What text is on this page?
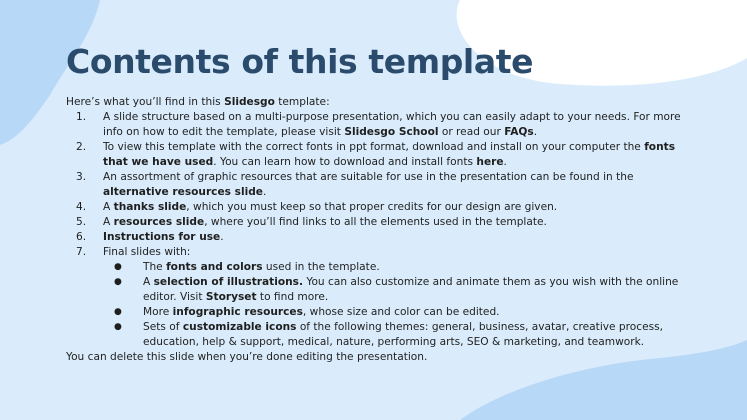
Contents of this template

Here’s what you’ll find in this Slidesgo template:

1. A slide structure based on a multi-purpose presentation, which you can easily adapt to your needs. For more info on how to edit the template, please visit Slidesgo School or read our FAQs.
2. To view this template with the correct fonts in ppt format, download and install on your computer the fonts that we have used. You can learn how to download and install fonts here.
3. An assortment of graphic resources that are suitable for use in the presentation can be found in the alternative resources slide.
4. A thanks slide, which you must keep so that proper credits for our design are given.
5. A resources slide, where you’ll find links to all the elements used in the template.
6. Instructions for use.
7. Final slides with:
● The fonts and colors used in the template.
● A selection of illustrations. You can also customize and animate them as you wish with the online editor. Visit Storyset to find more.
● More infographic resources, whose size and color can be edited.
● Sets of customizable icons of the following themes: general, business, avatar, creative process, education, help & support, medical, nature, performing arts, SEO & marketing, and teamwork.

You can delete this slide when you’re done editing the presentation.
